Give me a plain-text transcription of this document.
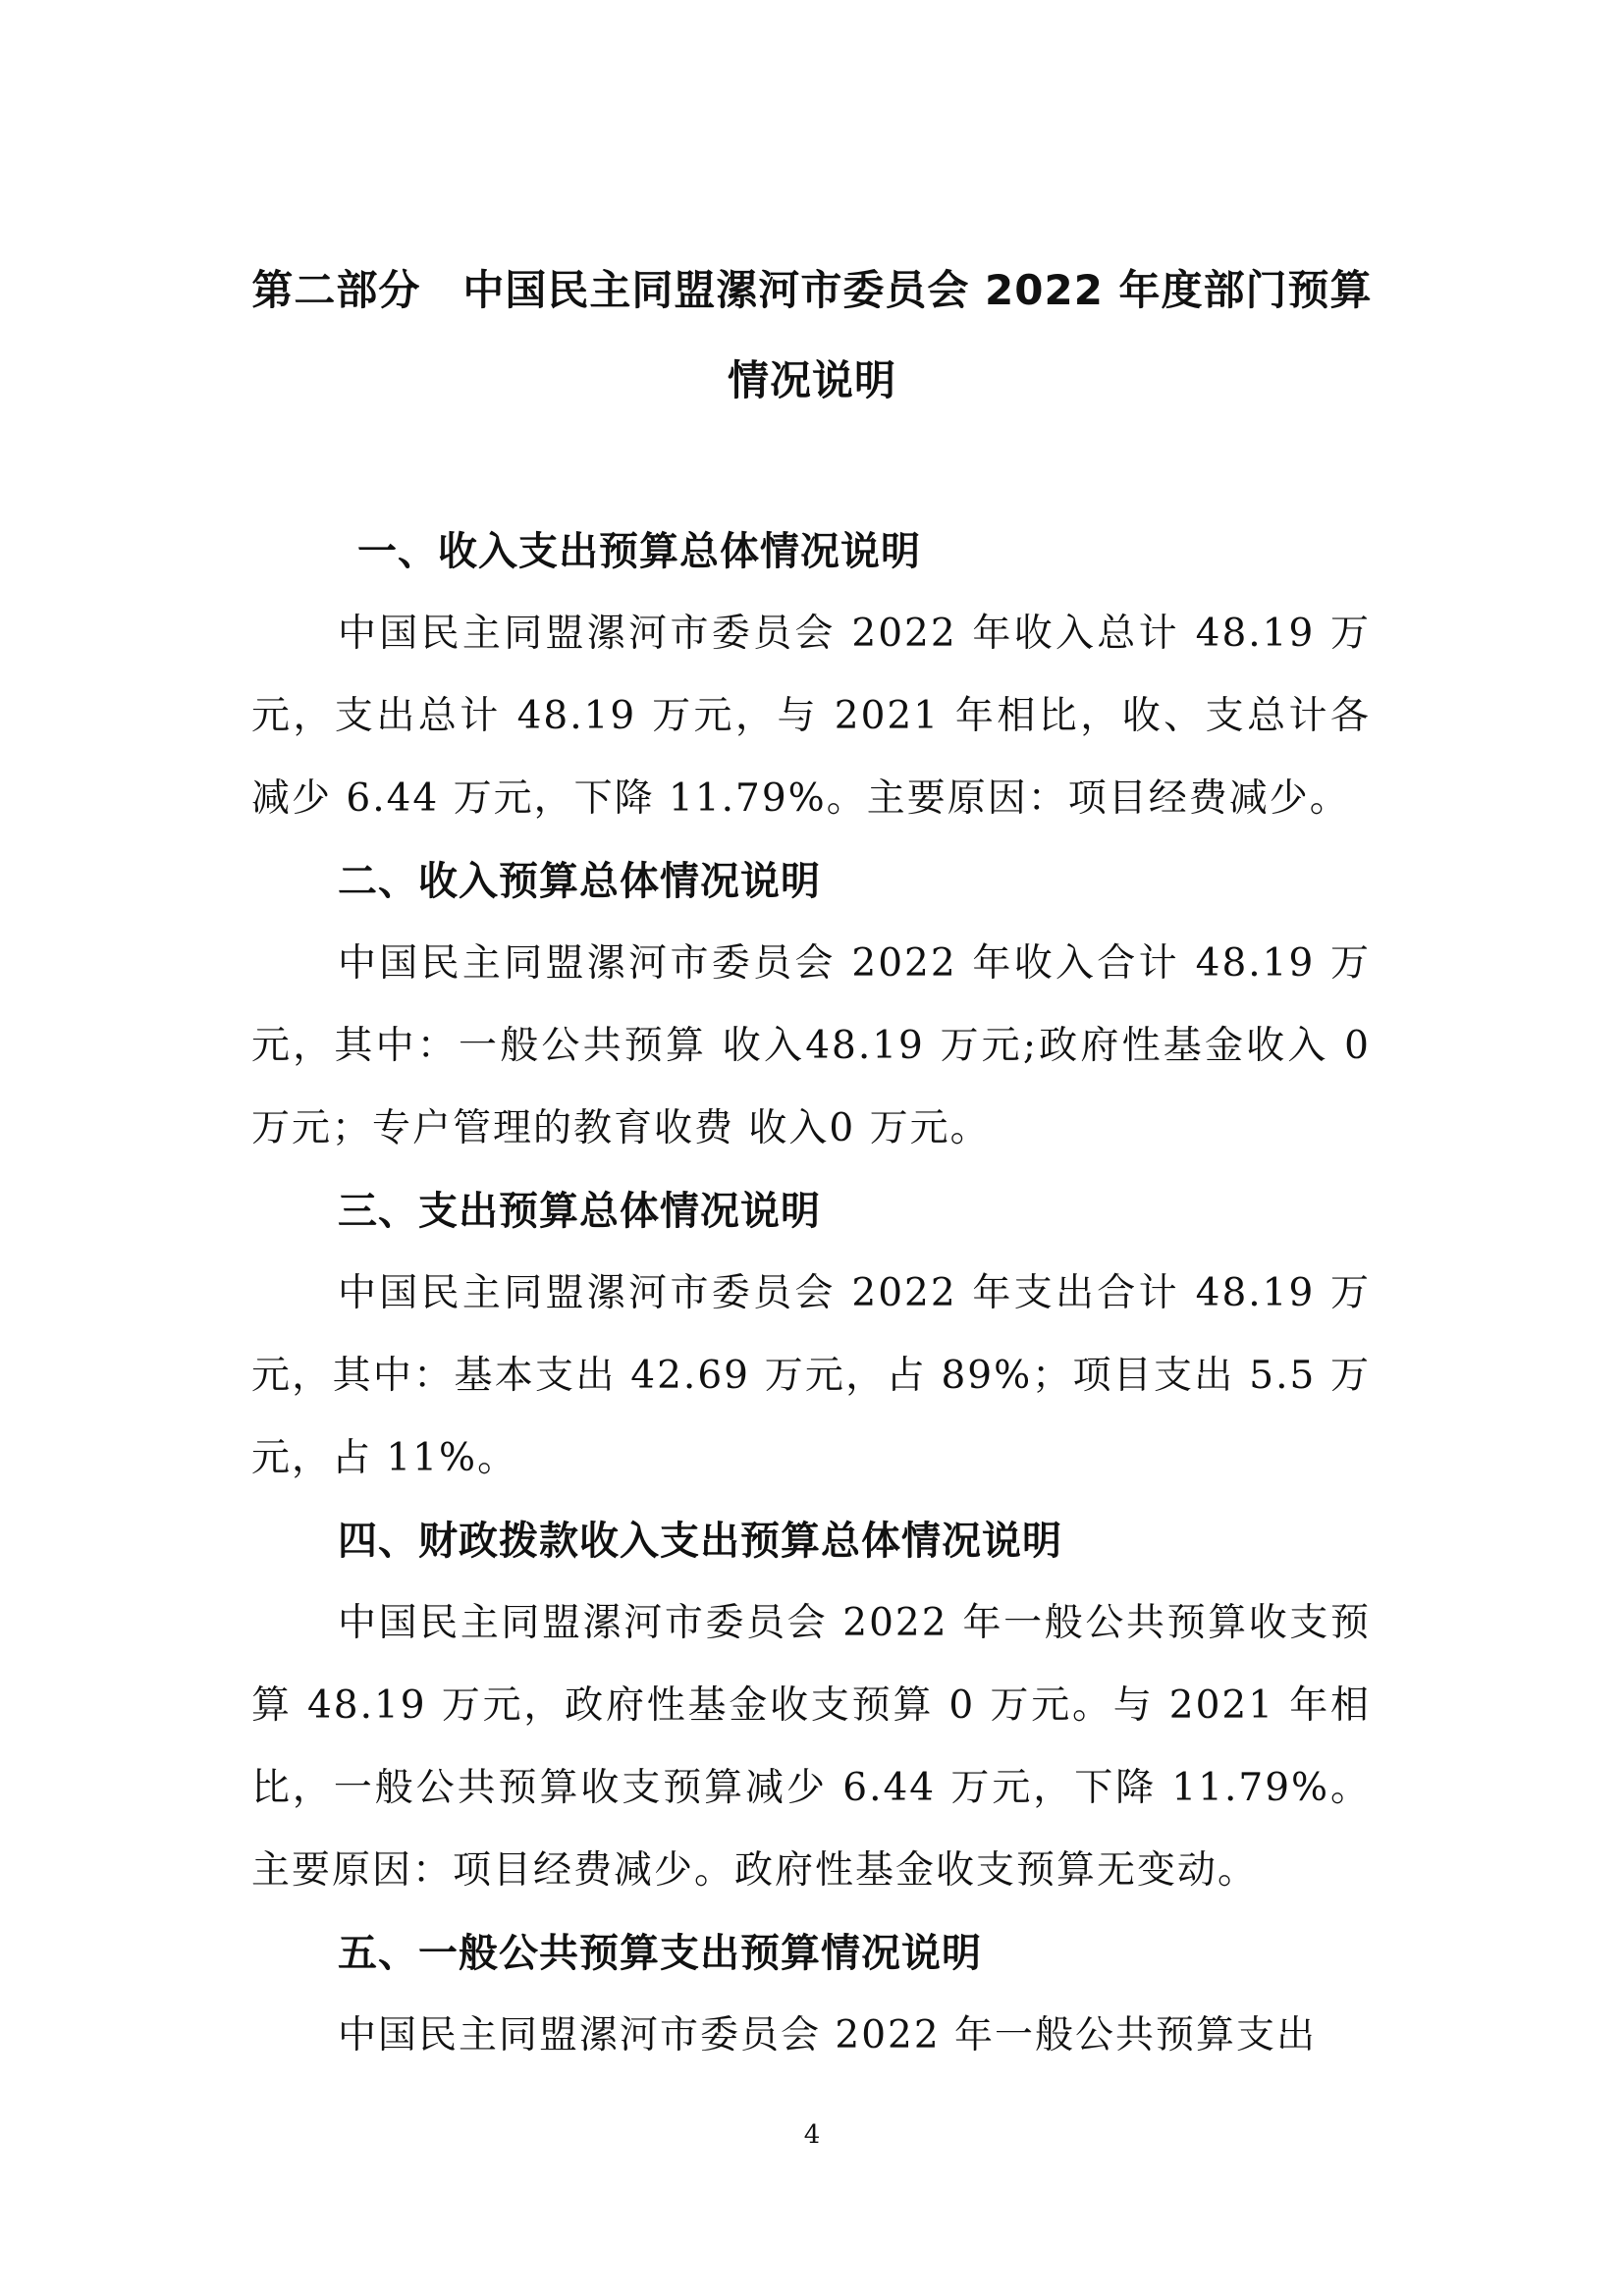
第二部分　中国民主同盟漯河市委员会 2022 年度部门预算
情况说明
一、收入支出预算总体情况说明

中国民主同盟漯河市委员会 2022 年收入总计 48.19 万元，支出总计 48.19 万元，与 2021 年相比，收、支总计各减少 6.44 万元，下降 11.79%。主要原因：项目经费减少。

二、收入预算总体情况说明

中国民主同盟漯河市委员会 2022 年收入合计 48.19 万元，其中：一般公共预算 收入48.19 万元;政府性基金收入 0 万元；专户管理的教育收费 收入0 万元。

三、支出预算总体情况说明

中国民主同盟漯河市委员会 2022 年支出合计 48.19 万元，其中：基本支出 42.69 万元，占 89%；项目支出 5.5 万元，占 11%。

四、财政拨款收入支出预算总体情况说明

中国民主同盟漯河市委员会 2022 年一般公共预算收支预算 48.19 万元，政府性基金收支预算 0 万元。与 2021 年相比，一般公共预算收支预算减少 6.44 万元，下降 11.79%。主要原因：项目经费减少。政府性基金收支预算无变动。

五、一般公共预算支出预算情况说明

中国民主同盟漯河市委员会 2022 年一般公共预算支出

4
